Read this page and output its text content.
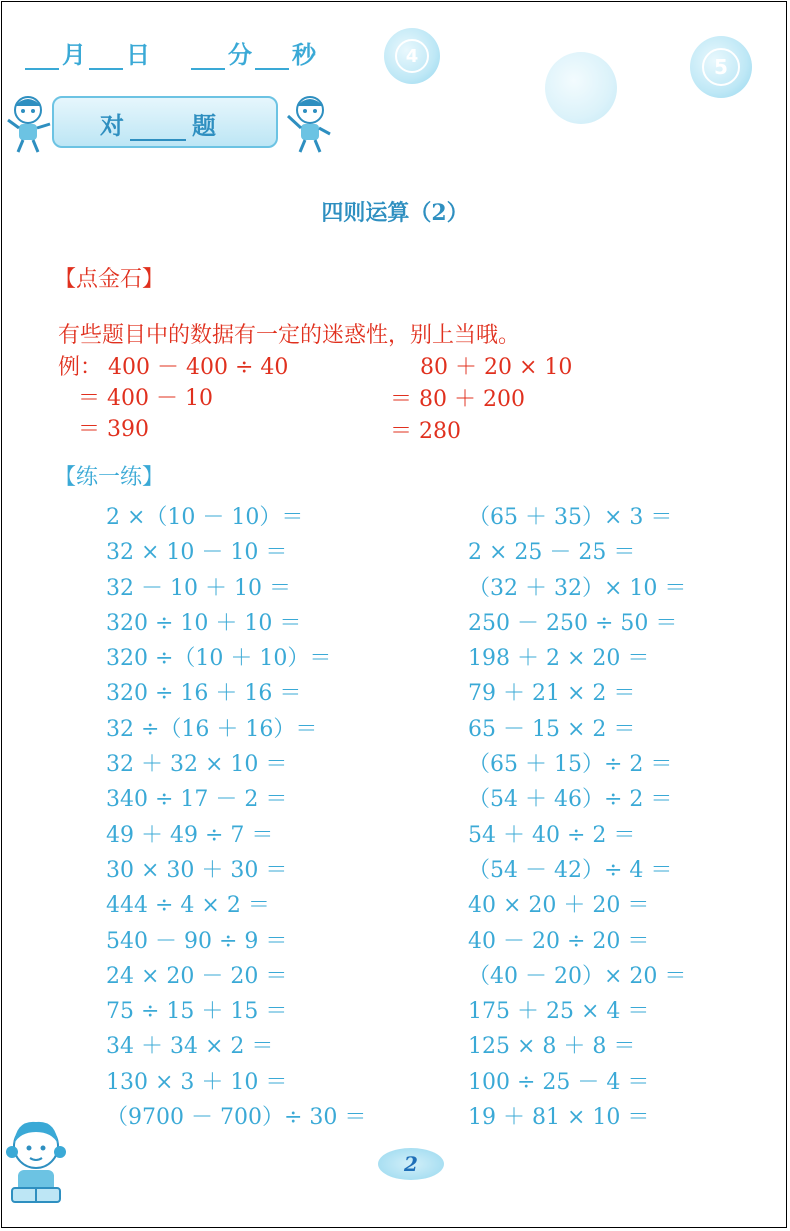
月 日	分 秒	4	5
对	题
四则运算（2）
【点金石】
有些题目中的数据有一定的迷惑性，别上当哦。
例： 400 － 400 ÷ 40
＝ 400 － 10
＝ 390
80 ＋ 20 × 10
＝ 80 ＋ 200
＝ 280
【练一练】
2 ×（10 － 10）＝
32 × 10 － 10 ＝
32 － 10 ＋ 10 ＝
320 ÷ 10 ＋ 10 ＝
320 ÷（10 ＋ 10）＝
320 ÷ 16 ＋ 16 ＝
32 ÷（16 ＋ 16）＝
32 ＋ 32 × 10 ＝
340 ÷ 17 － 2 ＝
49 ＋ 49 ÷ 7 ＝
30 × 30 ＋ 30 ＝
444 ÷ 4 × 2 ＝
540 － 90 ÷ 9 ＝
24 × 20 － 20 ＝
75 ÷ 15 ＋ 15 ＝
34 ＋ 34 × 2 ＝
130 × 3 ＋ 10 ＝
（9700 － 700）÷ 30 ＝
（65 ＋ 35）× 3 ＝
2 × 25 － 25 ＝
（32 ＋ 32）× 10 ＝
250 － 250 ÷ 50 ＝
198 ＋ 2 × 20 ＝
79 ＋ 21 × 2 ＝
65 － 15 × 2 ＝
（65 ＋ 15）÷ 2 ＝
（54 ＋ 46）÷ 2 ＝
54 ＋ 40 ÷ 2 ＝
（54 － 42）÷ 4 ＝
40 × 20 ＋ 20 ＝
40 － 20 ÷ 20 ＝
（40 － 20）× 20 ＝
175 ＋ 25 × 4 ＝
125 × 8 ＋ 8 ＝
100 ÷ 25 － 4 ＝
19 ＋ 81 × 10 ＝
2
